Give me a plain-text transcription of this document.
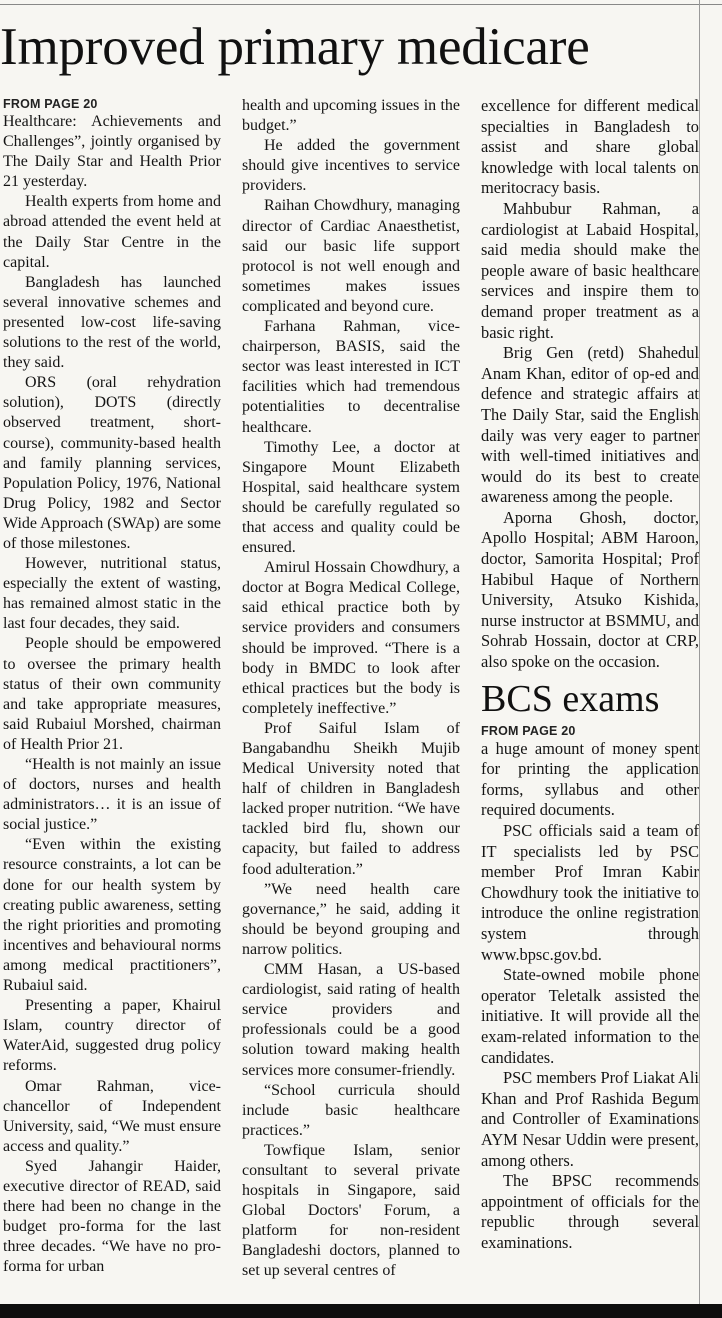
Improved primary medicare
FROM PAGE 20

Healthcare: Achievements and Challenges”, jointly organised by The Daily Star and Health Prior 21 yesterday.

Health experts from home and abroad attended the event held at the Daily Star Centre in the capital.

Bangladesh has launched several innovative schemes and presented low-cost life-saving solutions to the rest of the world, they said.

ORS (oral rehydration solution), DOTS (directly observed treatment, short-course), community-based health and family planning services, Population Policy, 1976, National Drug Policy, 1982 and Sector Wide Approach (SWAp) are some of those milestones.

However, nutritional status, especially the extent of wasting, has remained almost static in the last four decades, they said.

People should be empowered to oversee the primary health status of their own community and take appropriate measures, said Rubaiul Morshed, chairman of Health Prior 21.

“Health is not mainly an issue of doctors, nurses and health administrators… it is an issue of social justice.”

“Even within the existing resource constraints, a lot can be done for our health system by creating public awareness, setting the right priorities and promoting incentives and behavioural norms among medical practitioners”, Rubaiul said.

Presenting a paper, Khairul Islam, country director of WaterAid, suggested drug policy reforms.

Omar Rahman, vice-chancellor of Independent University, said, “We must ensure access and quality.”

Syed Jahangir Haider, executive director of READ, said there had been no change in the budget pro-forma for the last three decades. “We have no pro-forma for urban

health and upcoming issues in the budget.”

He added the government should give incentives to service providers.

Raihan Chowdhury, managing director of Cardiac Anaesthetist, said our basic life support protocol is not well enough and sometimes makes issues complicated and beyond cure.

Farhana Rahman, vice-chairperson, BASIS, said the sector was least interested in ICT facilities which had tremendous potentialities to decentralise healthcare.

Timothy Lee, a doctor at Singapore Mount Elizabeth Hospital, said healthcare system should be carefully regulated so that access and quality could be ensured.

Amirul Hossain Chowdhury, a doctor at Bogra Medical College, said ethical practice both by service providers and consumers should be improved. “There is a body in BMDC to look after ethical practices but the body is completely ineffective.”

Prof Saiful Islam of Bangabandhu Sheikh Mujib Medical University noted that half of children in Bangladesh lacked proper nutrition. “We have tackled bird flu, shown our capacity, but failed to address food adulteration.”

”We need health care governance,” he said, adding it should be beyond grouping and narrow politics.

CMM Hasan, a US-based cardiologist, said rating of health service providers and professionals could be a good solution toward making health services more consumer-friendly.

“School curricula should include basic healthcare practices.”

Towfique Islam, senior consultant to several private hospitals in Singapore, said Global Doctors' Forum, a platform for non-resident Bangladeshi doctors, planned to set up several centres of

excellence for different medical specialties in Bangladesh to assist and share global knowledge with local talents on meritocracy basis.

Mahbubur Rahman, a cardiologist at Labaid Hospital, said media should make the people aware of basic healthcare services and inspire them to demand proper treatment as a basic right.

Brig Gen (retd) Shahedul Anam Khan, editor of op-ed and defence and strategic affairs at The Daily Star, said the English daily was very eager to partner with well-timed initiatives and would do its best to create awareness among the people.

Aporna Ghosh, doctor, Apollo Hospital; ABM Haroon, doctor, Samorita Hospital; Prof Habibul Haque of Northern University, Atsuko Kishida, nurse instructor at BSMMU, and Sohrab Hossain, doctor at CRP, also spoke on the occasion.

BCS exams
FROM PAGE 20

a huge amount of money spent for printing the application forms, syllabus and other required documents.

PSC officials said a team of IT specialists led by PSC member Prof Imran Kabir Chowdhury took the initiative to introduce the online registration system through www.bpsc.gov.bd.

State-owned mobile phone operator Teletalk assisted the initiative. It will provide all the exam-related information to the candidates.

PSC members Prof Liakat Ali Khan and Prof Rashida Begum and Controller of Examinations AYM Nesar Uddin were present, among others.

The BPSC recommends appointment of officials for the republic through several examinations.
